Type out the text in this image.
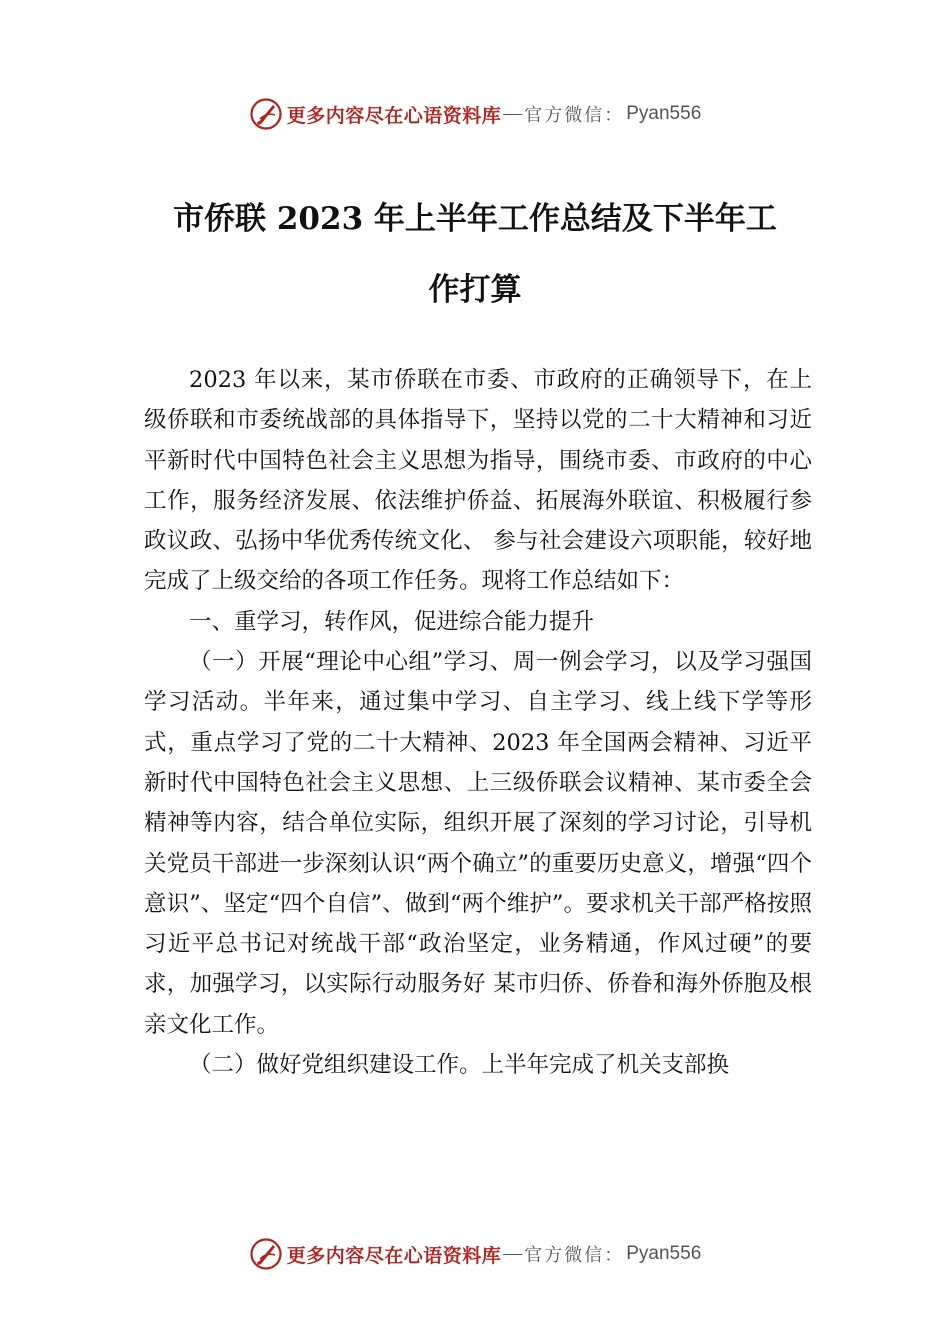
更多内容尽在心语资料库 — 官方微信： Pyan556
市侨联 2023 年上半年工作总结及下半年工
作打算

2023 年以来，某市侨联在市委、市政府的正确领导下，在上级侨联和市委统战部的具体指导下，坚持以党的二十大精神和习近平新时代中国特色社会主义思想为指导，围绕市委、市政府的中心工作，服务经济发展、依法维护侨益、拓展海外联谊、积极履行参政议政、弘扬中华优秀传统文化、 参与社会建设六项职能，较好地完成了上级交给的各项工作任务。现将工作总结如下：

一、重学习，转作风，促进综合能力提升

（一）开展“理论中心组”学习、周一例会学习，以及学习强国学习活动。半年来，通过集中学习、自主学习、线上线下学等形式，重点学习了党的二十大精神、2023 年全国两会精神、习近平新时代中国特色社会主义思想、上三级侨联会议精神、某市委全会精神等内容，结合单位实际，组织开展了深刻的学习讨论，引导机关党员干部进一步深刻认识“两个确立”的重要历史意义，增强“四个意识”、坚定“四个自信”、做到“两个维护”。要求机关干部严格按照习近平总书记对统战干部“政治坚定，业务精通，作风过硬”的要求，加强学习，以实际行动服务好 某市归侨、侨眷和海外侨胞及根亲文化工作。

（二）做好党组织建设工作。上半年完成了机关支部换

更多内容尽在心语资料库 — 官方微信： Pyan556
